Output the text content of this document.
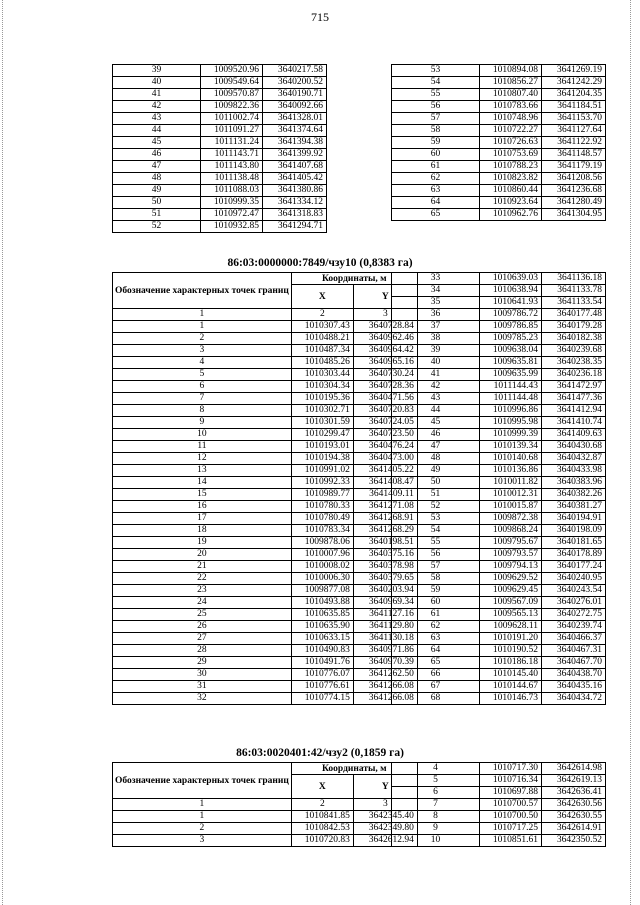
715
39	1009520.96	3640217.58
40	1009549.64	3640200.52
41	1009570.87	3640190.71
42	1009822.36	3640092.66
43	1011002.74	3641328.01
44	1011091.27	3641374.64
45	1011131.24	3641394.38
46	1011143.71	3641399.92
47	1011143.80	3641407.68
48	1011138.48	3641405.42
49	1011088.03	3641380.86
50	1010999.35	3641334.12
51	1010972.47	3641318.83
52	1010932.85	3641294.71
53	1010894.08	3641269.19
54	1010856.27	3641242.29
55	1010807.40	3641204.35
56	1010783.66	3641184.51
57	1010748.96	3641153.70
58	1010722.27	3641127.64
59	1010726.63	3641122.92
60	1010753.69	3641148.57
61	1010788.23	3641179.19
62	1010823.82	3641208.56
63	1010860.44	3641236.68
64	1010923.64	3641280.49
65	1010962.76	3641304.95
86:03:0000000:7849/чзу10 (0,8383 га)
Обозначение характерных точек границ	Координаты, м	
	X	Y
1	2	3
1	1010307.43	3640728.84
2	1010488.21	3640962.46
3	1010487.34	3640964.42
4	1010485.26	3640965.16
5	1010303.44	3640730.24
6	1010304.34	3640728.36
7	1010195.36	3640471.56
8	1010302.71	3640720.83
9	1010301.59	3640724.05
10	1010299.47	3640723.50
11	1010193.01	3640476.24
12	1010194.38	3640473.00
13	1010991.02	3641405.22
14	1010992.33	3641408.47
15	1010989.77	3641409.11
16	1010780.33	3641271.08
17	1010780.49	3641268.91
18	1010783.34	3641268.29
19	1009878.06	3640198.51
20	1010007.96	3640375.16
21	1010008.02	3640378.98
22	1010006.30	3640379.65
23	1009877.08	3640203.94
24	1010493.88	3640969.34
25	1010635.85	3641127.16
26	1010635.90	3641129.80
27	1010633.15	3641130.18
28	1010490.83	3640971.86
29	1010491.76	3640970.39
30	1010776.07	3641262.50
31	1010776.61	3641266.08
32	1010774.15	3641266.08
33	1010639.03	3641136.18
34	1010638.94	3641133.78
35	1010641.93	3641133.54
36	1009786.72	3640177.48
37	1009786.85	3640179.28
38	1009785.23	3640182.38
39	1009638.04	3640239.68
40	1009635.81	3640238.35
41	1009635.99	3640236.18
42	1011144.43	3641472.97
43	1011144.48	3641477.36
44	1010996.86	3641412.94
45	1010995.98	3641410.74
46	1010999.39	3641409.63
47	1010139.34	3640430.68
48	1010140.68	3640432.87
49	1010136.86	3640433.98
50	1010011.82	3640383.96
51	1010012.31	3640382.26
52	1010015.87	3640381.27
53	1009872.38	3640194.91
54	1009868.24	3640198.09
55	1009795.67	3640181.65
56	1009793.57	3640178.89
57	1009794.13	3640177.24
58	1009629.52	3640240.95
59	1009629.45	3640243.54
60	1009567.09	3640276.01
61	1009565.13	3640272.75
62	1009628.11	3640239.74
63	1010191.20	3640466.37
64	1010190.52	3640467.31
65	1010186.18	3640467.70
66	1010145.40	3640438.70
67	1010144.67	3640435.16
68	1010146.73	3640434.72
86:03:0020401:42/чзу2 (0,1859 га)
Обозначение характерных точек границ	Координаты, м	
	X	Y
1	2	3
1	1010841.85	3642345.40
2	1010842.53	3642349.80
3	1010720.83	3642612.94
4	1010717.30	3642614.98
5	1010716.34	3642619.13
6	1010697.88	3642636.41
7	1010700.57	3642630.56
8	1010700.50	3642630.55
9	1010717.25	3642614.91
10	1010851.61	3642350.52
